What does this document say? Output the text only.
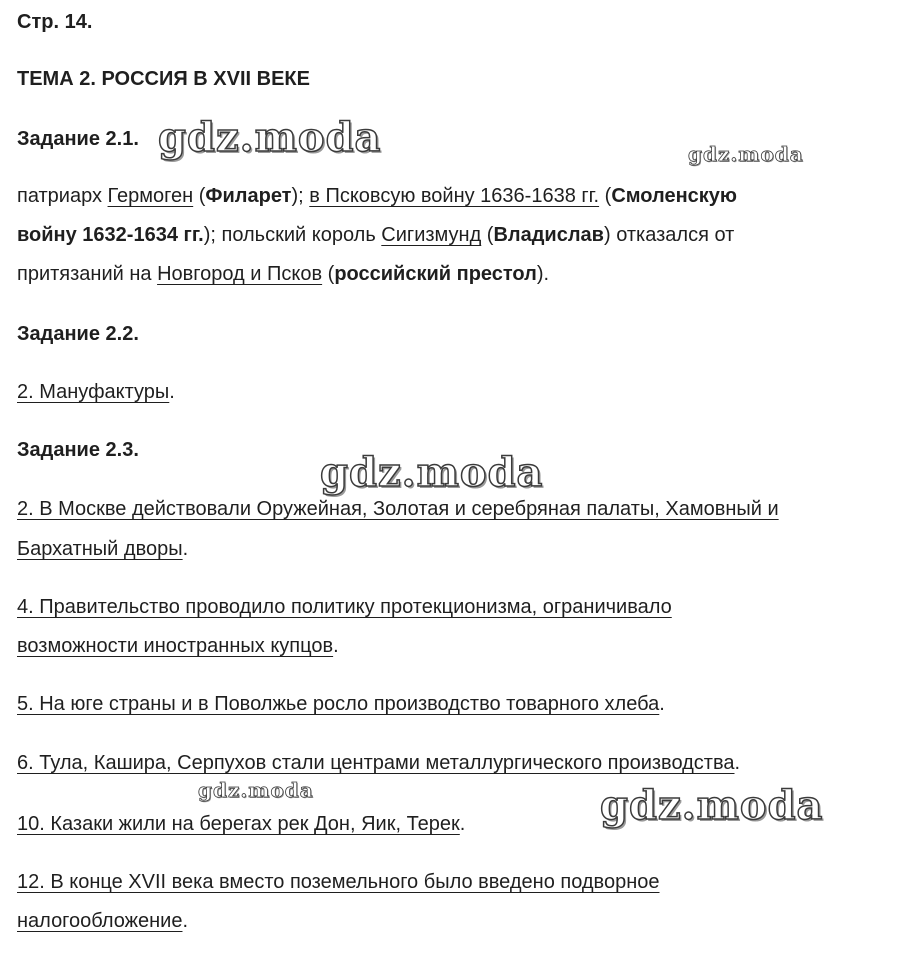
Стр. 14.
ТЕМА 2. РОССИЯ В XVII ВЕКЕ
Задание 2.1.
патриарх Гермоген (Филарет); в Псковсую войну 1636-1638 гг. (Смоленскую
войну 1632-1634 гг.); польский король Сигизмунд (Владислав) отказался от
притязаний на Новгород и Псков (российский престол).
Задание 2.2.
2. Мануфактуры.
Задание 2.3.
2. В Москве действовали Оружейная, Золотая и серебряная палаты, Хамовный и
Бархатный дворы.
4. Правительство проводило политику протекционизма, ограничивало
возможности иностранных купцов.
5. На юге страны и в Поволжье росло производство товарного хлеба.
6. Тула, Кашира, Серпухов стали центрами металлургического производства.
10. Казаки жили на берегах рек Дон, Яик, Терек.
12. В конце XVII века вместо поземельного было введено подворное
налогообложение.
gdz.moda	gdz.moda
gdz.moda
gdz.moda	gdz.moda
